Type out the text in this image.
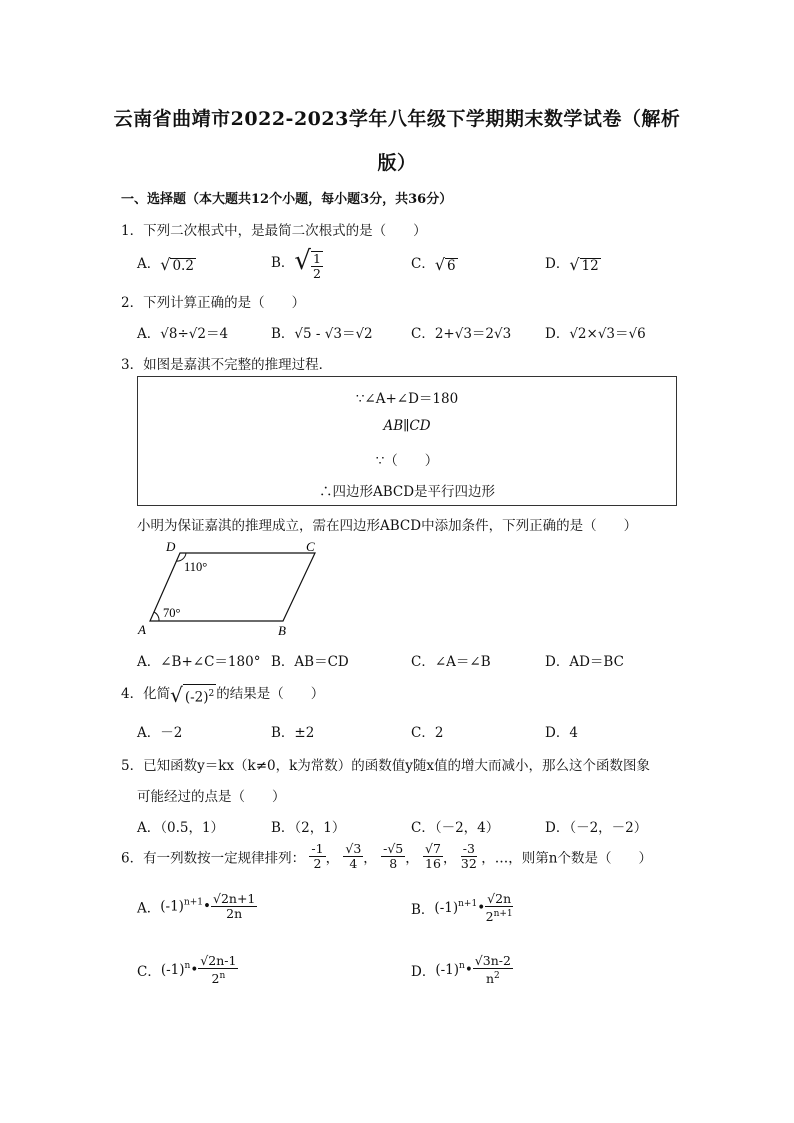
云南省曲靖市2022-2023学年八年级下学期期末数学试卷（解析
版）
一、选择题（本大题共12个小题，每小题3分，共36分）
1．下列二次根式中，是最简二次根式的是（　　）
A．√ 0.2	B．√ $\frac{1}{2}$	C．√ 6	D．√ 12
2．下列计算正确的是（　　）
A．√8÷√2＝4	B．√5 - √3＝√2	C．2+√3＝2√3	D．√2×√3＝√6
3．如图是嘉淇不完整的推理过程．
∵∠A+∠D＝180
AB∥CD
∵（　　）
∴四边形ABCD是平行四边形
小明为保证嘉淇的推理成立，需在四边形ABCD中添加条件，下列正确的是（　　）
D	C
A	B
110°
70°
A．∠B+∠C＝180° B．AB＝CD	C．∠A＝∠B	D．AD＝BC
4．化简√ $(-2)^2$ 的结果是（　　）
A．－2	B．±2	C．2	D．4
5．已知函数y＝kx（k≠0，k为常数）的函数值y随x值的增大而减小，那么这个函数图象
可能经过的点是（　　）
A．（0.5，1）	B．（2，1）	C．（－2，4）	D．（－2，－2）
6．有一列数按一定规律排列： $\frac{-1}{2}$ ， $\frac{√3}{4}$ ， $\frac{-√5}{8}$ ， $\frac{√7}{16}$ ， $\frac{-3}{32}$ ，…，则第n个数是（　　）
A．$(-1)^{n+1}• \frac{√2n+1}{2n}$	B．$(-1)^{n+1}• \frac{√2n}{2^{n+1}}$
C．$(-1)^n• \frac{√2n-1}{2^n}$	D．$(-1)^n• \frac{√3n-2}{n^2}$
